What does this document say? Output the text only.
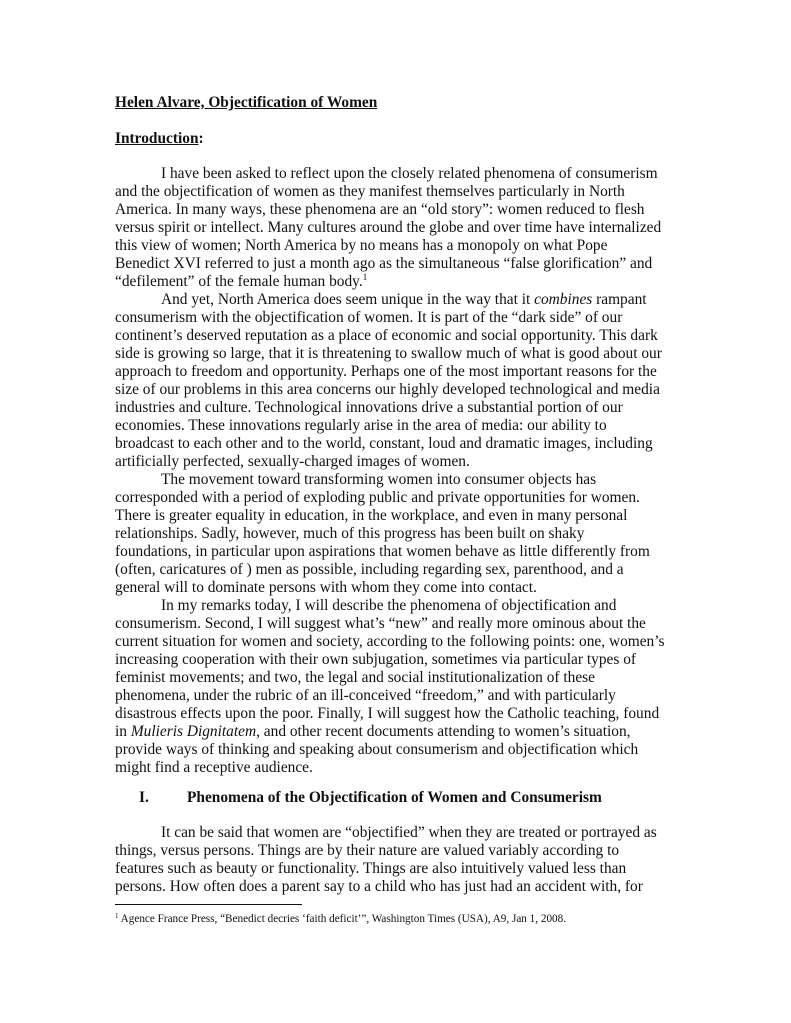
Helen Alvare, Objectification of Women
Introduction:
I have been asked to reflect upon the closely related phenomena of consumerism
and the objectification of women as they manifest themselves particularly in North
America. In many ways, these phenomena are an “old story”: women reduced to flesh
versus spirit or intellect. Many cultures around the globe and over time have internalized
this view of women; North America by no means has a monopoly on what Pope
Benedict XVI referred to just a month ago as the simultaneous “false glorification” and
“defilement” of the female human body.$^1$
And yet, North America does seem unique in the way that it combines rampant
consumerism with the objectification of women. It is part of the “dark side” of our
continent’s deserved reputation as a place of economic and social opportunity. This dark
side is growing so large, that it is threatening to swallow much of what is good about our
approach to freedom and opportunity. Perhaps one of the most important reasons for the
size of our problems in this area concerns our highly developed technological and media
industries and culture. Technological innovations drive a substantial portion of our
economies. These innovations regularly arise in the area of media: our ability to
broadcast to each other and to the world, constant, loud and dramatic images, including
artificially perfected, sexually-charged images of women.
The movement toward transforming women into consumer objects has
corresponded with a period of exploding public and private opportunities for women.
There is greater equality in education, in the workplace, and even in many personal
relationships. Sadly, however, much of this progress has been built on shaky
foundations, in particular upon aspirations that women behave as little differently from
(often, caricatures of ) men as possible, including regarding sex, parenthood, and a
general will to dominate persons with whom they come into contact.
In my remarks today, I will describe the phenomena of objectification and
consumerism. Second, I will suggest what’s “new” and really more ominous about the
current situation for women and society, according to the following points: one, women’s
increasing cooperation with their own subjugation, sometimes via particular types of
feminist movements; and two, the legal and social institutionalization of these
phenomena, under the rubric of an ill-conceived “freedom,” and with particularly
disastrous effects upon the poor. Finally, I will suggest how the Catholic teaching, found
in Mulieris Dignitatem, and other recent documents attending to women’s situation,
provide ways of thinking and speaking about consumerism and objectification which
might find a receptive audience.
I. Phenomena of the Objectification of Women and Consumerism
It can be said that women are “objectified” when they are treated or portrayed as
things, versus persons. Things are by their nature are valued variably according to
features such as beauty or functionality. Things are also intuitively valued less than
persons. How often does a parent say to a child who has just had an accident with, for
$^1$ Agence France Press, “Benedict decries ‘faith deficit’”, Washington Times (USA), A9, Jan 1, 2008.
